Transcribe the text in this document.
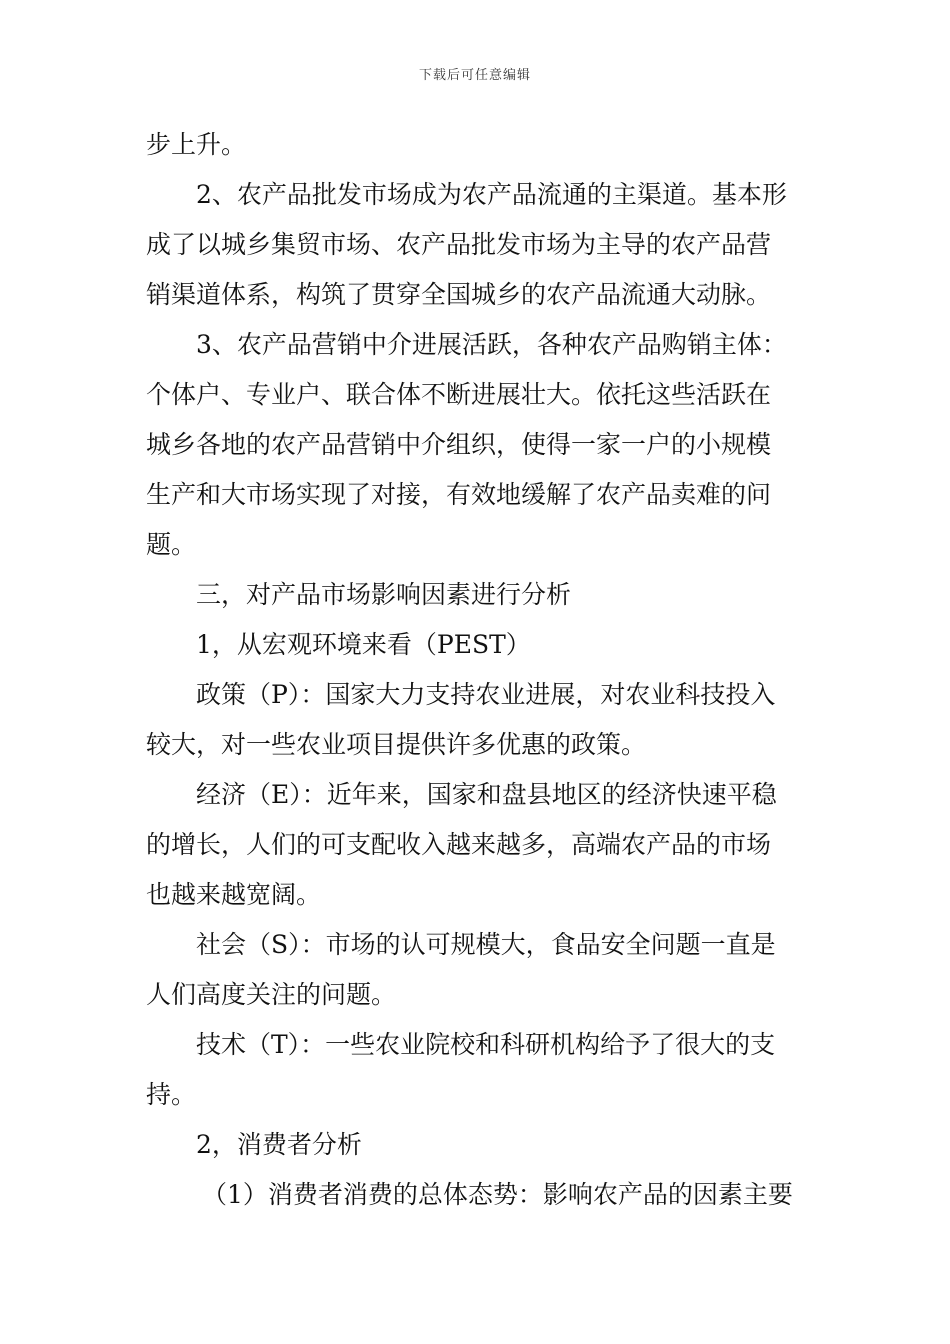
下载后可任意编辑
步上升。
2、农产品批发市场成为农产品流通的主渠道。基本形
成了以城乡集贸市场、农产品批发市场为主导的农产品营
销渠道体系，构筑了贯穿全国城乡的农产品流通大动脉。
3、农产品营销中介进展活跃，各种农产品购销主体：
个体户、专业户、联合体不断进展壮大。依托这些活跃在
城乡各地的农产品营销中介组织，使得一家一户的小规模
生产和大市场实现了对接，有效地缓解了农产品卖难的问
题。
三，对产品市场影响因素进行分析
1，从宏观环境来看（PEST）
政策（P）：国家大力支持农业进展，对农业科技投入
较大，对一些农业项目提供许多优惠的政策。
经济（E）：近年来，国家和盘县地区的经济快速平稳
的增长，人们的可支配收入越来越多，高端农产品的市场
也越来越宽阔。
社会（S）：市场的认可规模大，食品安全问题一直是
人们高度关注的问题。
技术（T）：一些农业院校和科研机构给予了很大的支
持。
2，消费者分析
（1）消费者消费的总体态势：影响农产品的因素主要
